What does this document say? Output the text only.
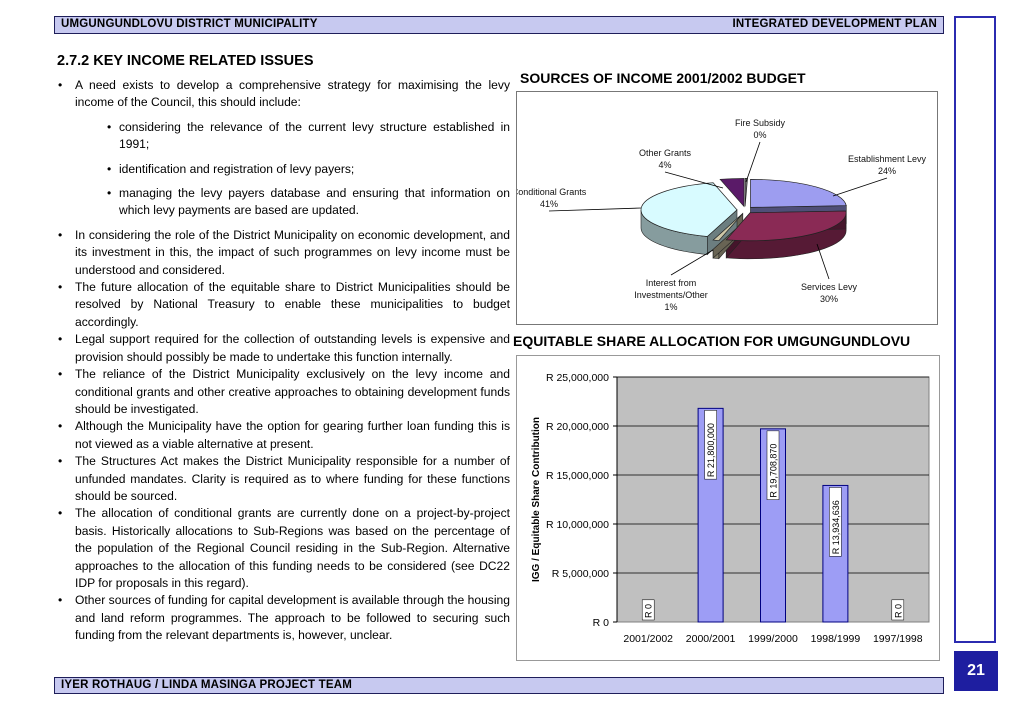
UMGUNGUNDLOVU DISTRICT MUNICIPALITY	INTEGRATED DEVELOPMENT PLAN
21
2.7.2 KEY INCOME RELATED ISSUES
• A need exists to develop a comprehensive strategy for maximising the levy income of the Council, this should include:
• considering the relevance of the current levy structure established in 1991;
• identification and registration of levy payers;
• managing the levy payers database and ensuring that information on which levy payments are based are updated.
• In considering the role of the District Municipality on economic development, and its investment in this, the impact of such programmes on levy income must be understood and considered.
• The future allocation of the equitable share to District Municipalities should be resolved by National Treasury to enable these municipalities to budget accordingly.
• Legal support required for the collection of outstanding levels is expensive and provision should possibly be made to undertake this function internally.
• The reliance of the District Municipality exclusively on the levy income and conditional grants and other creative approaches to obtaining development funds should be investigated.
• Although the Municipality have the option for gearing further loan funding this is not viewed as a viable alternative at present.
• The Structures Act makes the District Municipality responsible for a number of unfunded mandates. Clarity is required as to where funding for these functions should be sourced.
• The allocation of conditional grants are currently done on a project-by-project basis. Historically allocations to Sub-Regions was based on the percentage of the population of the Regional Council residing in the Sub-Region. Alternative approaches to the allocation of this funding needs to be considered (see DC22 IDP for proposals in this regard).
• Other sources of funding for capital development is available through the housing and land reform programmes. The approach to be followed to securing such funding from the relevant departments is, however, unclear.
SOURCES OF INCOME 2001/2002 BUDGET
Establishment Levy 24%
Services Levy 30%
Interest from Investments/Other 1%
Conditional Grants 41%
Other Grants 4%
Fire Subsidy 0%
EQUITABLE SHARE ALLOCATION FOR UMGUNGUNDLOVU
R 0
R 5,000,000
R 10,000,000
R 15,000,000
R 20,000,000
R 25,000,000
IGG / Equitable Share Contribution
R 0
2001/2002
R 21,800,000
2000/2001
R 19,708,870
1999/2000
R 13,934,636
1998/1999
R 0
1997/1998
IYER ROTHAUG / LINDA MASINGA PROJECT TEAM
